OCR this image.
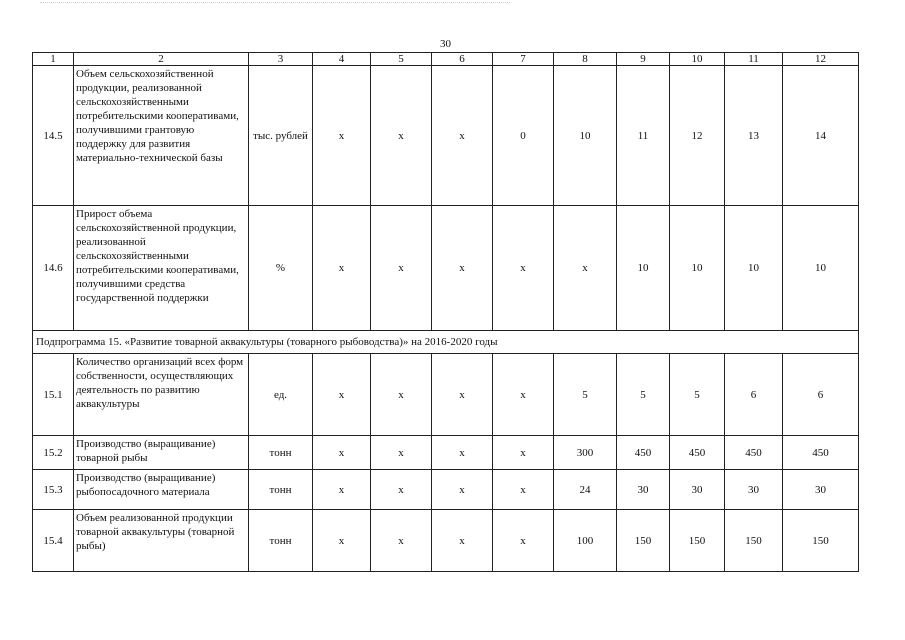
30
1	2	3	4	5	6	7	8	9	10	11	12
14.5	Объем сельскохозяйственной продукции, реализованной сельскохозяйственными потребительскими кооперативами, получившими грантовую поддержку для развития материально-технической базы	тыс. рублей	х	х	х	0	10	11	12	13	14
14.6	Прирост объема сельскохозяйственной продукции, реализованной сельскохозяйственными потребительскими кооперативами, получившими средства государственной поддержки	%	х	х	х	х	х	10	10	10	10
Подпрограмма 15. «Развитие товарной аквакультуры (товарного рыбоводства)» на 2016-2020 годы											
15.1	Количество организаций всех форм собственности, осуществляющих деятельность по развитию аквакультуры	ед.	х	х	х	х	5	5	5	6	6
15.2	Производство (выращивание) товарной рыбы	тонн	х	х	х	х	300	450	450	450	450
15.3	Производство (выращивание) рыбопосадочного материала	тонн	х	х	х	х	24	30	30	30	30
15.4	Объем реализованной продукции товарной аквакультуры (товарной рыбы)	тонн	х	х	х	х	100	150	150	150	150
